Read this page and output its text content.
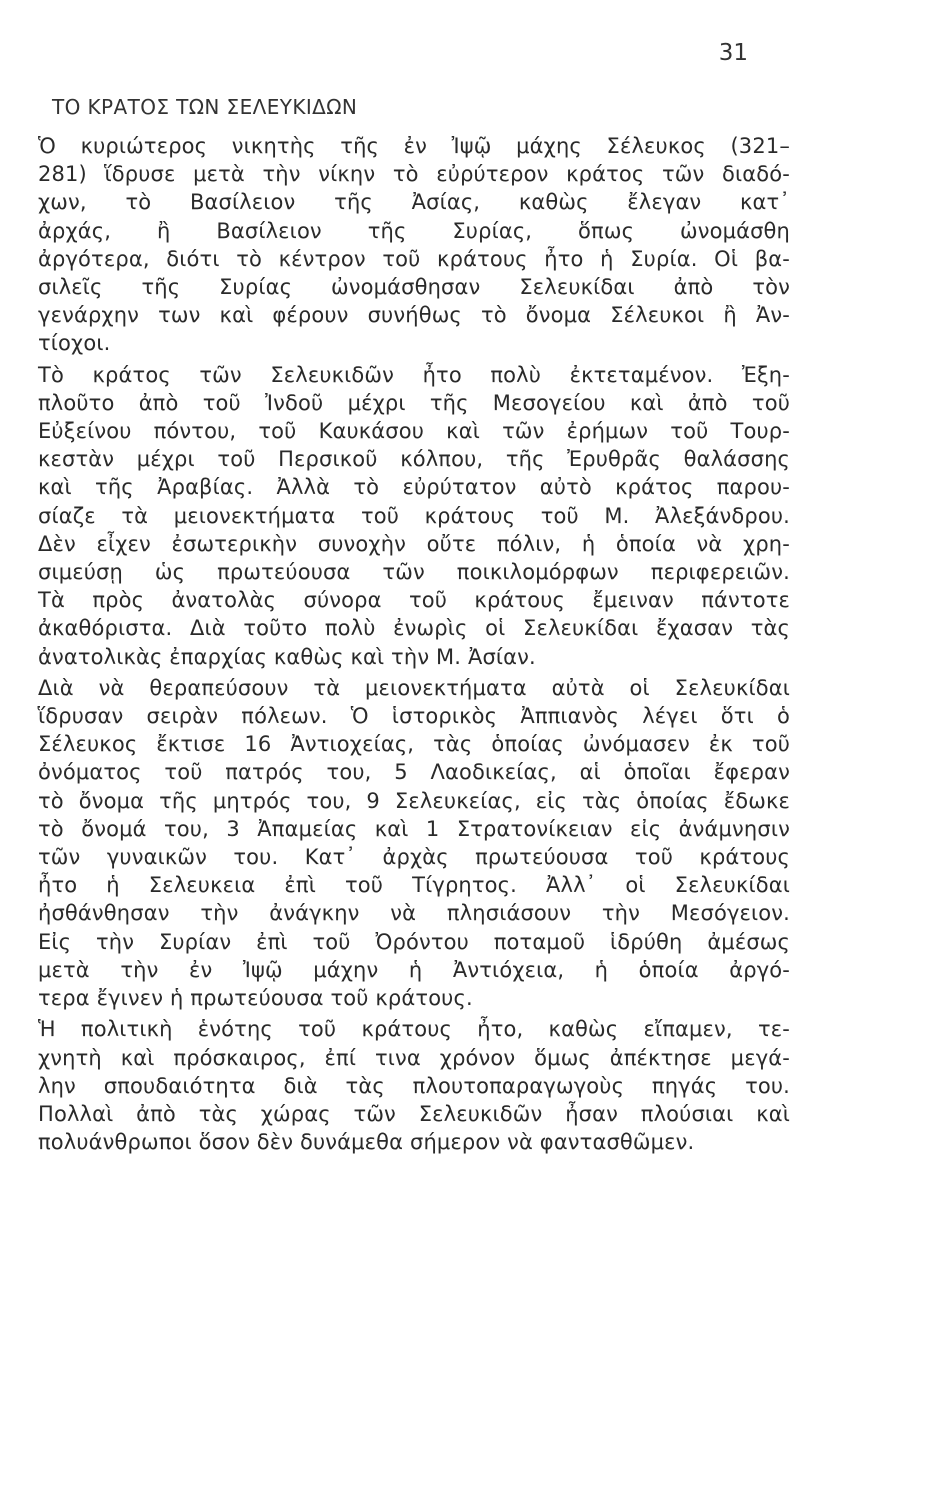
31
ΤΟ ΚΡΑΤΟΣ ΤΩΝ ΣΕΛΕΥΚΙΔΩΝ
Ὁ κυριώτερος νικητὴς τῆς ἐν Ἰψῷ μάχης Σέλευκος (321–
281) ἵδρυσε μετὰ τὴν νίκην τὸ εὐρύτερον κράτος τῶν διαδό-
χων, τὸ Βασίλειον τῆς Ἀσίας, καθὼς ἔλεγαν κατ᾽
ἀρχάς, ἢ Βασίλειον τῆς Συρίας, ὅπως ὠνομάσθη
ἀργότερα, διότι τὸ κέντρον τοῦ κράτους ἦτο ἡ Συρία. Οἱ βα-
σιλεῖς τῆς Συρίας ὠνομάσθησαν Σελευκίδαι ἀπὸ τὸν
γενάρχην των καὶ φέρουν συνήθως τὸ ὄνομα Σέλευκοι ἢ Ἀν-
τίοχοι.
Τὸ κράτος τῶν Σελευκιδῶν ἦτο πολὺ ἐκτεταμένον. Ἐξη-
πλοῦτο ἀπὸ τοῦ Ἰνδοῦ μέχρι τῆς Μεσογείου καὶ ἀπὸ τοῦ
Εὐξείνου πόντου, τοῦ Καυκάσου καὶ τῶν ἐρήμων τοῦ Τουρ-
κεστὰν μέχρι τοῦ Περσικοῦ κόλπου, τῆς Ἐρυθρᾶς θαλάσσης
καὶ τῆς Ἀραβίας. Ἀλλὰ τὸ εὐρύτατον αὐτὸ κράτος παρου-
σίαζε τὰ μειονεκτήματα τοῦ κράτους τοῦ Μ. Ἀλεξάνδρου.
Δὲν εἶχεν ἐσωτερικὴν συνοχὴν οὔτε πόλιν, ἡ ὁποία νὰ χρη-
σιμεύσῃ ὡς πρωτεύουσα τῶν ποικιλομόρφων περιφερειῶν.
Τὰ πρὸς ἀνατολὰς σύνορα τοῦ κράτους ἔμειναν πάντοτε
ἀκαθόριστα. Διὰ τοῦτο πολὺ ἐνωρὶς οἱ Σελευκίδαι ἔχασαν τὰς
ἀνατολικὰς ἐπαρχίας καθὼς καὶ τὴν Μ. Ἀσίαν.
Διὰ νὰ θεραπεύσουν τὰ μειονεκτήματα αὐτὰ οἱ Σελευκίδαι
ἵδρυσαν σειρὰν πόλεων. Ὁ ἱστορικὸς Ἀππιανὸς λέγει ὅτι ὁ
Σέλευκος ἔκτισε 16 Ἀντιοχείας, τὰς ὁποίας ὠνόμασεν ἐκ τοῦ
ὀνόματος τοῦ πατρός του, 5 Λαοδικείας, αἱ ὁποῖαι ἔφεραν
τὸ ὄνομα τῆς μητρός του, 9 Σελευκείας, εἰς τὰς ὁποίας ἔδωκε
τὸ ὄνομά του, 3 Ἀπαμείας καὶ 1 Στρατονίκειαν εἰς ἀνάμνησιν
τῶν γυναικῶν του. Κατ᾽ ἀρχὰς πρωτεύουσα τοῦ κράτους
ἦτο ἡ Σελευκεια ἐπὶ τοῦ Τίγρητος. Ἀλλ᾽ οἱ Σελευκίδαι
ἠσθάνθησαν τὴν ἀνάγκην νὰ πλησιάσουν τὴν Μεσόγειον.
Εἰς τὴν Συρίαν ἐπὶ τοῦ Ὀρόντου ποταμοῦ ἱδρύθη ἀμέσως
μετὰ τὴν ἐν Ἰψῷ μάχην ἡ Ἀντιόχεια, ἡ ὁποία ἀργό-
τερα ἔγινεν ἡ πρωτεύουσα τοῦ κράτους.
Ἡ πολιτικὴ ἑνότης τοῦ κράτους ἦτο, καθὼς εἴπαμεν, τε-
χνητὴ καὶ πρόσκαιρος, ἐπί τινα χρόνον ὅμως ἀπέκτησε μεγά-
λην σπουδαιότητα διὰ τὰς πλουτοπαραγωγοὺς πηγάς του.
Πολλαὶ ἀπὸ τὰς χώρας τῶν Σελευκιδῶν ἦσαν πλούσιαι καὶ
πολυάνθρωποι ὅσον δὲν δυνάμεθα σήμερον νὰ φαντασθῶμεν.
